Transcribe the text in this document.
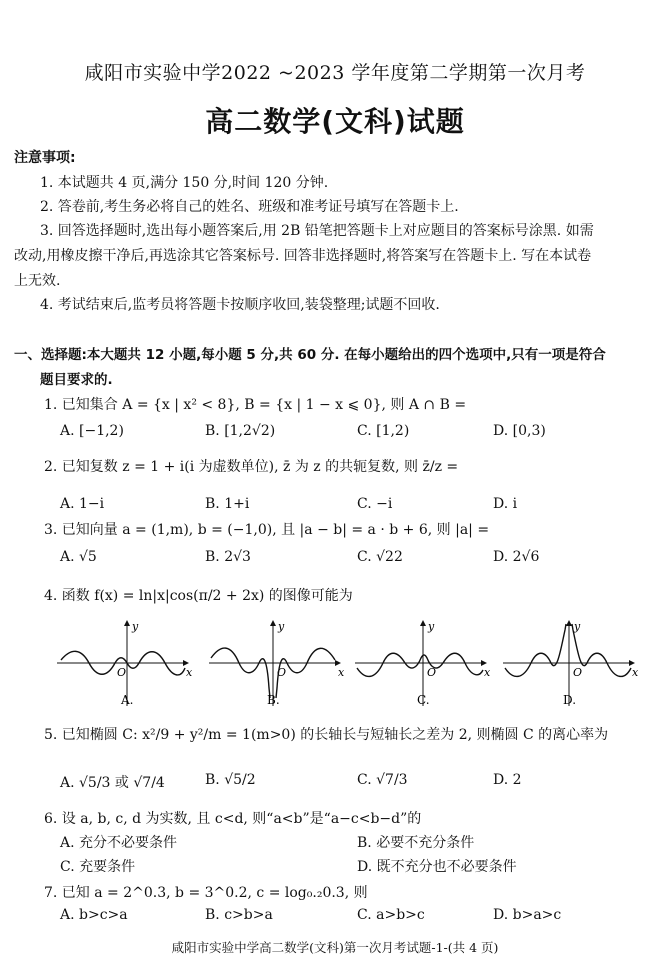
咸阳市实验中学2022 ~2023 学年度第二学期第一次月考
高二数学(文科)试题
注意事项:
1. 本试题共 4 页,满分 150 分,时间 120 分钟.
2. 答卷前,考生务必将自己的姓名、班级和准考证号填写在答题卡上.
3. 回答选择题时,选出每小题答案后,用 2B 铅笔把答题卡上对应题目的答案标号涂黑. 如需
改动,用橡皮擦干净后,再选涂其它答案标号. 回答非选择题时,将答案写在答题卡上. 写在本试卷
上无效.
4. 考试结束后,监考员将答题卡按顺序收回,装袋整理;试题不回收.
一、选择题:本大题共 12 小题,每小题 5 分,共 60 分. 在每小题给出的四个选项中,只有一项是符合
题目要求的.
1. 已知集合 A = {x | x² < 8}, B = {x | 1 − x ⩽ 0}, 则 A ∩ B =
A. [−1,2)	B. [1,2√2)	C. [1,2)	D. [0,3)
2. 已知复数 z = 1 + i(i 为虚数单位), z̄ 为 z 的共轭复数, 则 z̄/z =
A. 1−i	B. 1+i	C. −i	D. i
3. 已知向量 a = (1,m), b = (−1,0), 且 |a − b| = a · b + 6, 则 |a| =
A. √5	B. 2√3	C. √22	D. 2√6
4. 函数 f(x) = ln|x|cos(π/2 + 2x) 的图像可能为
y
x
O
A.
y
x
O
B.
y
x
O
C.
y
x
O
D.
5. 已知椭圆 C: x²/9 + y²/m = 1(m>0) 的长轴长与短轴长之差为 2, 则椭圆 C 的离心率为
A. √5/3 或 √7/4	B. √5/2	C. √7/3	D. 2
6. 设 a, b, c, d 为实数, 且 c<d, 则“a<b”是“a−c<b−d”的
A. 充分不必要条件	B. 必要不充分条件
C. 充要条件	D. 既不充分也不必要条件
7. 已知 a = 2^0.3, b = 3^0.2, c = log₀.₂0.3, 则
A. b>c>a	B. c>b>a	C. a>b>c	D. b>a>c
咸阳市实验中学高二数学(文科)第一次月考试题-1-(共 4 页)
